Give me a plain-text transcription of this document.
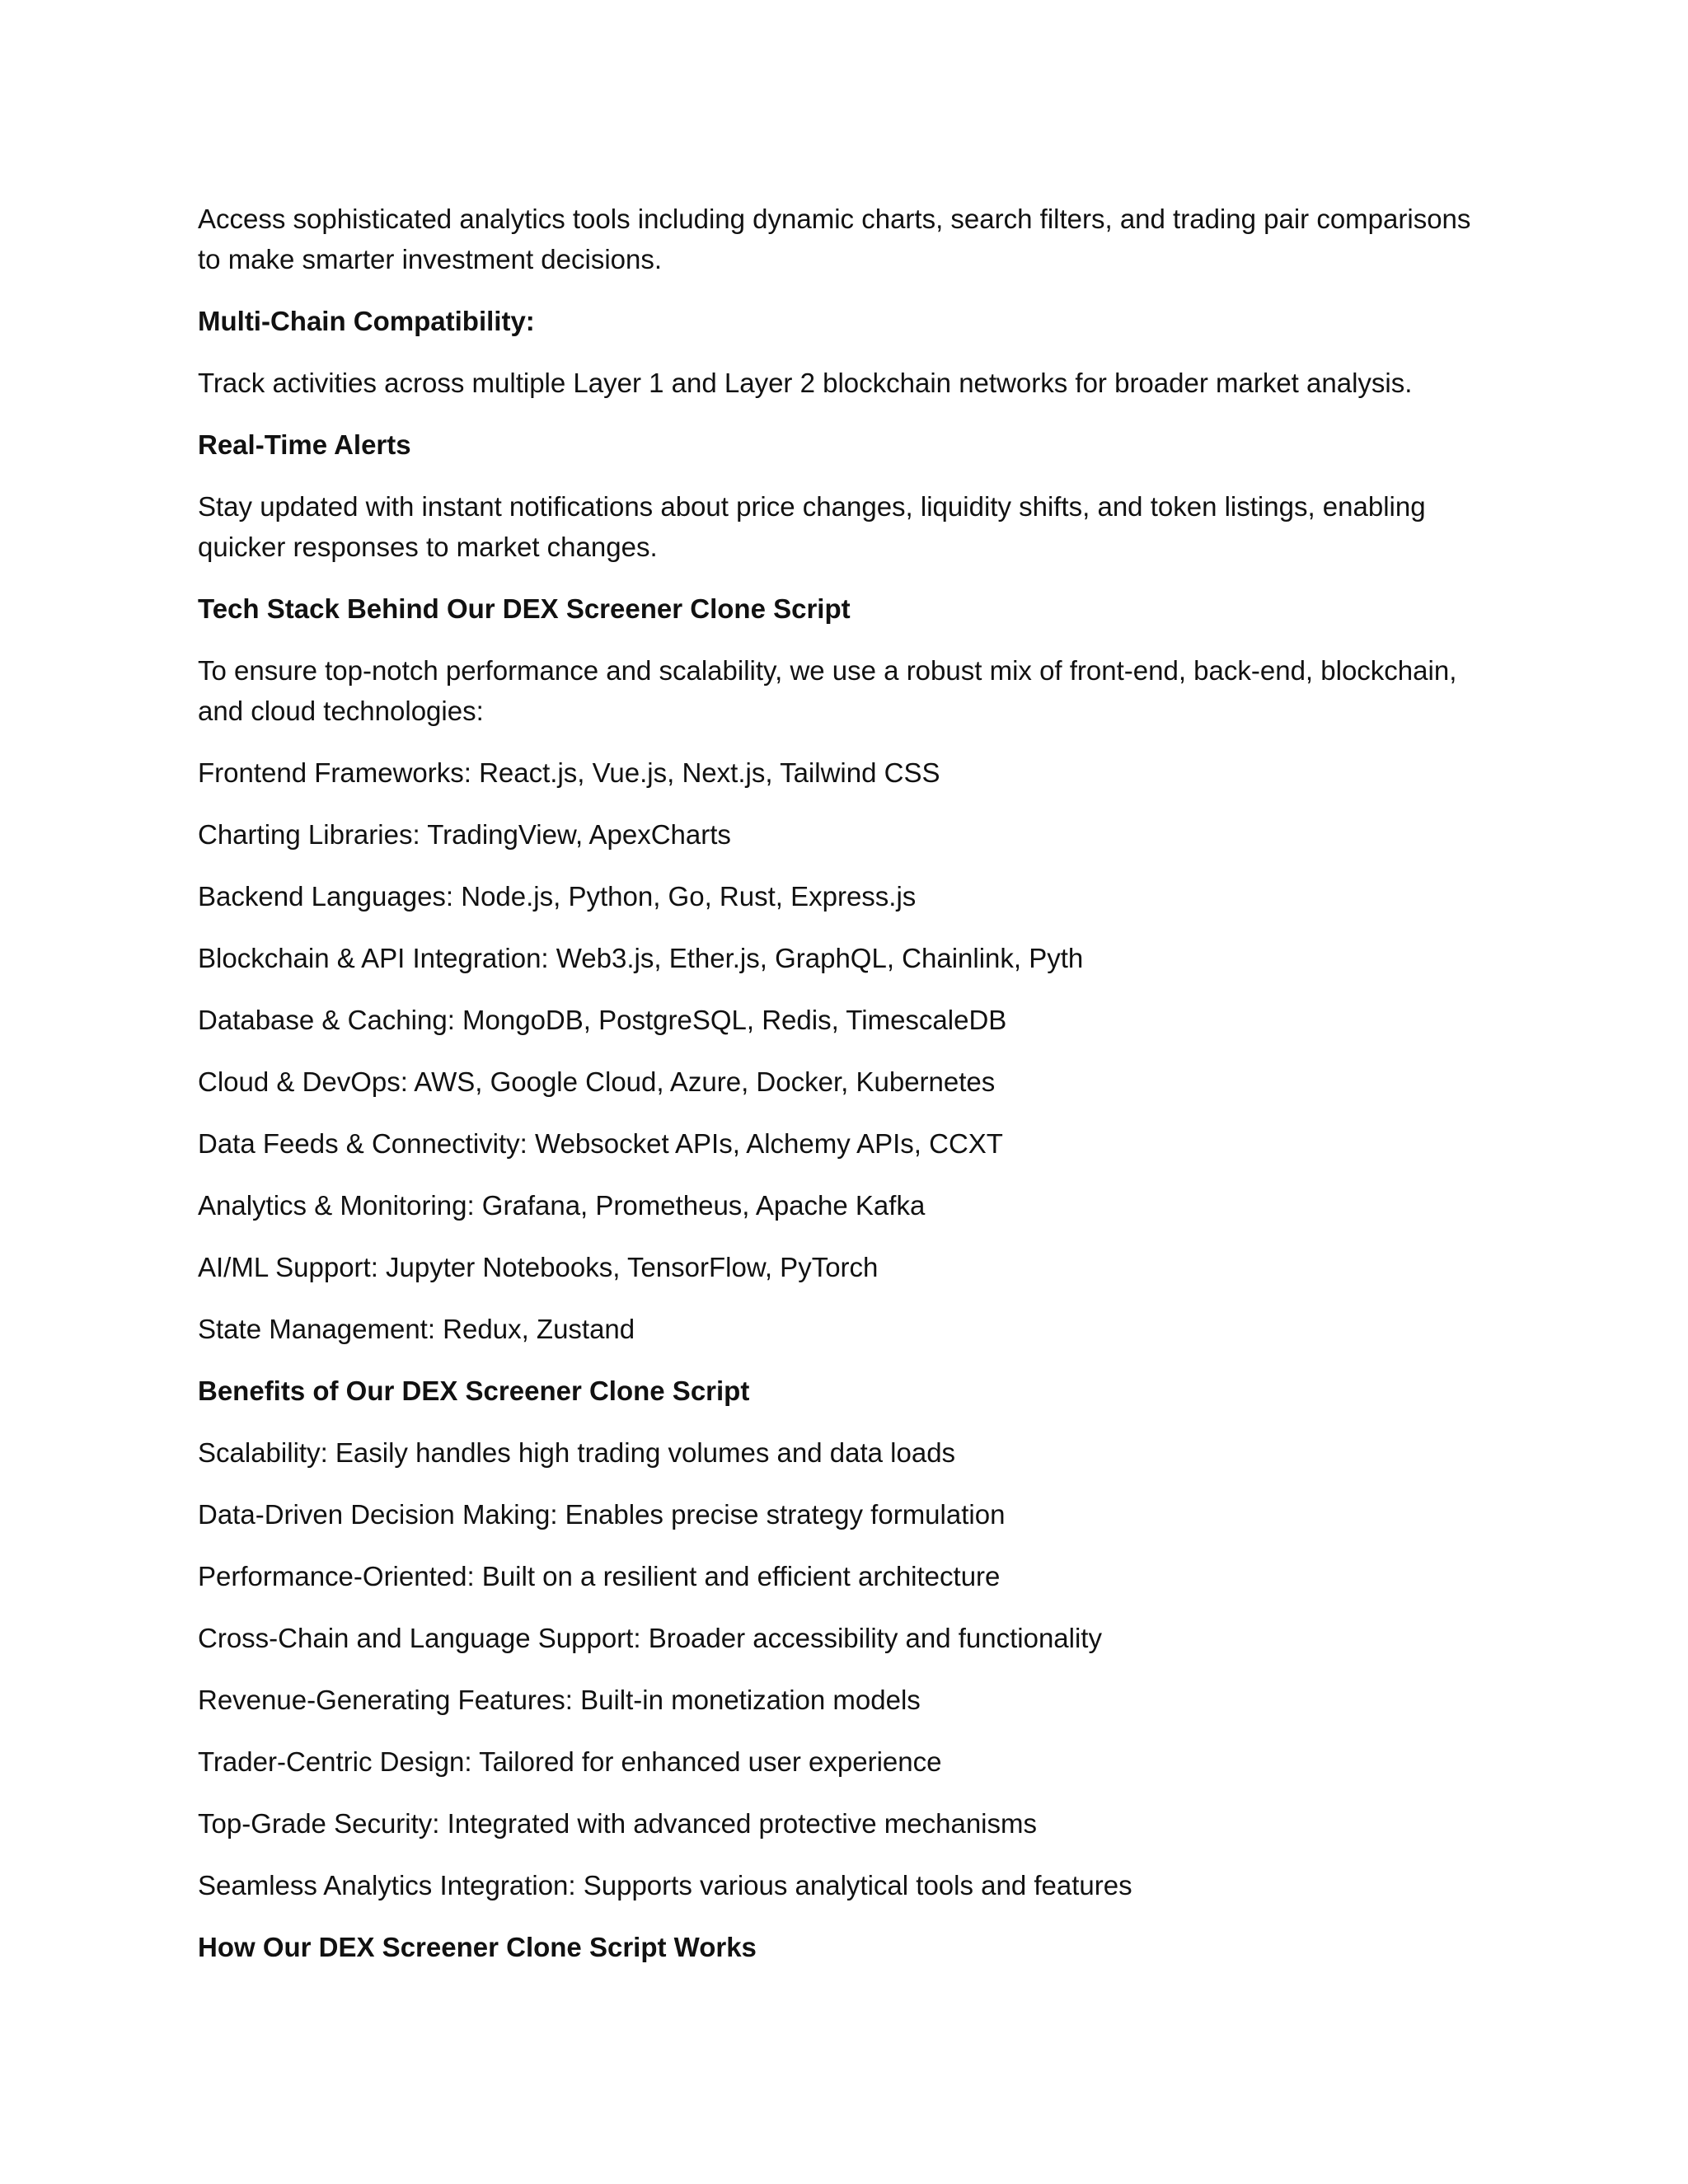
Access sophisticated analytics tools including dynamic charts, search filters, and trading pair comparisons to make smarter investment decisions.

Multi-Chain Compatibility:

Track activities across multiple Layer 1 and Layer 2 blockchain networks for broader market analysis.

Real-Time Alerts

Stay updated with instant notifications about price changes, liquidity shifts, and token listings, enabling quicker responses to market changes.

Tech Stack Behind Our DEX Screener Clone Script

To ensure top-notch performance and scalability, we use a robust mix of front-end, back-end, blockchain, and cloud technologies:

Frontend Frameworks: React.js, Vue.js, Next.js, Tailwind CSS

Charting Libraries: TradingView, ApexCharts

Backend Languages: Node.js, Python, Go, Rust, Express.js

Blockchain & API Integration: Web3.js, Ether.js, GraphQL, Chainlink, Pyth

Database & Caching: MongoDB, PostgreSQL, Redis, TimescaleDB

Cloud & DevOps: AWS, Google Cloud, Azure, Docker, Kubernetes

Data Feeds & Connectivity: Websocket APIs, Alchemy APIs, CCXT

Analytics & Monitoring: Grafana, Prometheus, Apache Kafka

AI/ML Support: Jupyter Notebooks, TensorFlow, PyTorch

State Management: Redux, Zustand

Benefits of Our DEX Screener Clone Script

Scalability: Easily handles high trading volumes and data loads

Data-Driven Decision Making: Enables precise strategy formulation

Performance-Oriented: Built on a resilient and efficient architecture

Cross-Chain and Language Support: Broader accessibility and functionality

Revenue-Generating Features: Built-in monetization models

Trader-Centric Design: Tailored for enhanced user experience

Top-Grade Security: Integrated with advanced protective mechanisms

Seamless Analytics Integration: Supports various analytical tools and features

How Our DEX Screener Clone Script Works
